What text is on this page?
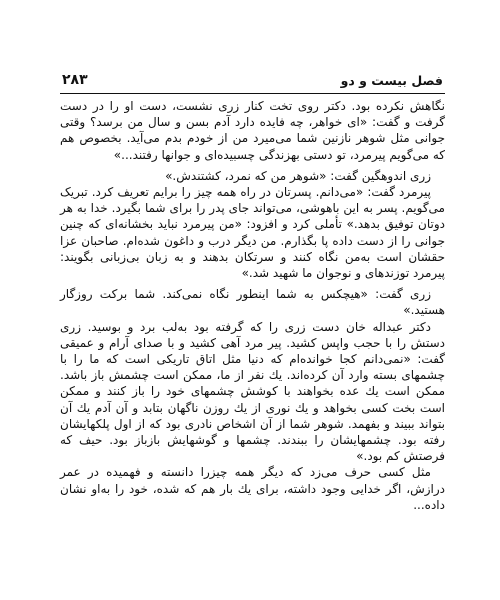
۲۸۳	فصل بیست و دو

نگاهش نکرده بود. دکتر روی تخت کنار زری نشست، دست او را در دست گرفت و گفت: «ای خواهر، چه فایده دارد آدم بسن و سال من برسد؟ وقتی جوانی مثل شوهر نازنین شما می‌میرد من از خودم بدم می‌آید. بخصوص هم که می‌گویم پیرمرد، تو دستی بهزندگی چسبیده‌ای و جوانها رفتند...»

زری اندوهگین گفت: «شوهر من که نمرد، کشتندش.»

پیرمرد گفت: «می‌دانم. پسرتان در راه همه چیز را برایم تعریف کرد. تبریک می‌گویم. پسر به این باهوشی، می‌تواند جای پدر را برای شما بگیرد. خدا به هر دوتان توفیق بدهد.» تأملی کرد و افزود: «من پیرمرد نباید بخشانه‌ای که چنین جوانی را از دست داده پا بگذارم. من دیگر درب و داغون شده‌ام. صاحبان عزا حقشان است به‌من نگاه کنند و سرتکان بدهند و به زبان بی‌زبانی بگویند: پیرمرد توزندهای و نوجوان ما شهید شد.»

زری گفت: «هیچکس به شما اینطور نگاه نمی‌کند. شما برکت روزگار هستید.»

دکتر عبداله خان دست زری را که گرفته بود به‌لب برد و بوسید. زری دستش را با حجب واپس کشید. پیر مرد آهی کشید و با صدای آرام و عمیقی گفت: «نمی‌دانم کجا خوانده‌ام که دنیا مثل اتاق تاریکی است که ما را با چشمهای بسته وارد آن کرده‌اند. یك نفر از ما، ممکن است چشمش باز باشد. ممکن است یك عده بخواهند با کوشش چشمهای خود را باز کنند و ممکن است بخت کسی بخواهد و یك نوری از یك روزن ناگهان بتابد و آن آدم یك آن بتواند ببیند و بفهمد. شوهر شما از آن اشخاص نادری بود که از اول پلکهایشان رفته بود. چشمهایشان را ببندند. چشمها و گوشهایش بازباز بود. حیف که فرصتش کم بود.»

مثل کسی حرف می‌زد که دیگر همه چیزرا دانسته و فهمیده در عمر درازش، اگر خدایی وجود داشته، برای یك بار هم که شده، خود را به‌او نشان داده...
